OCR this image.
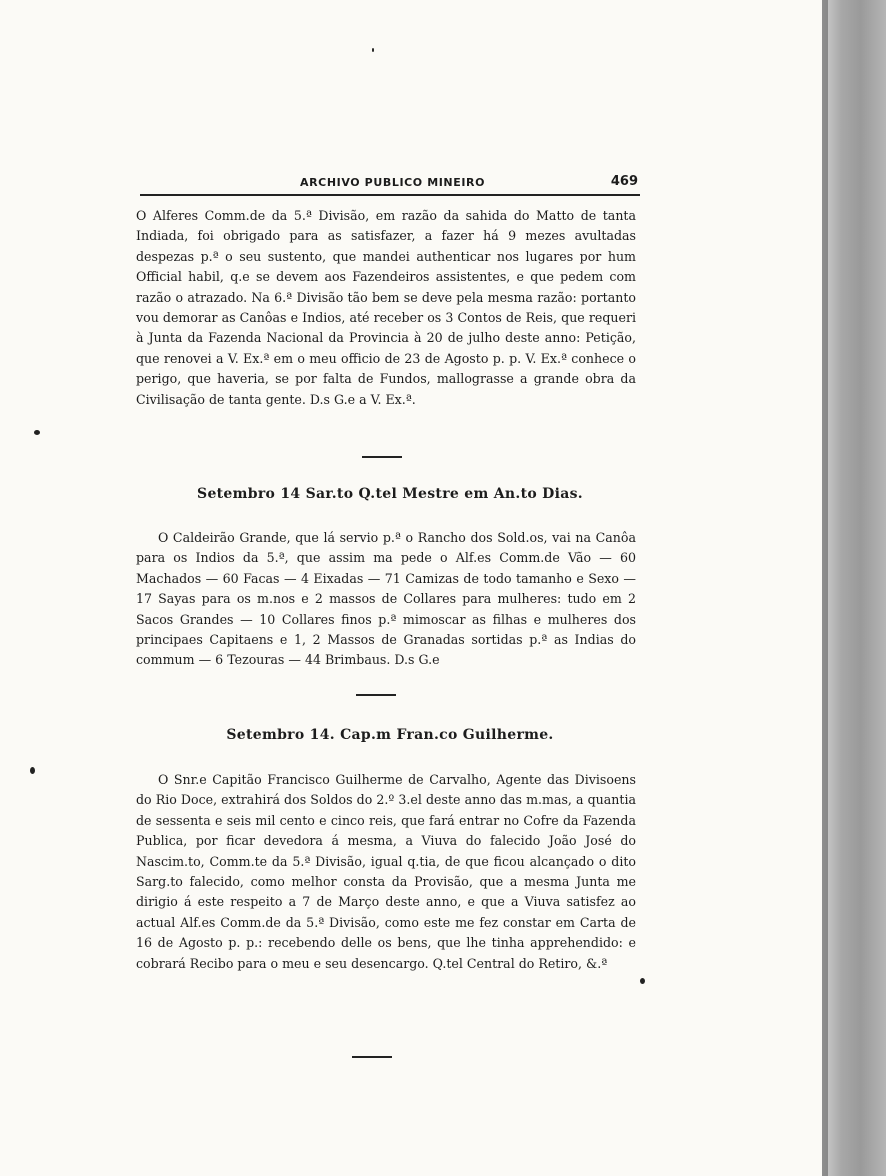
ARCHIVO PUBLICO MINEIRO	469

O Alferes Comm.de da 5.ª Divisão, em razão da sahida do Matto de tanta Indiada, foi obrigado para as satisfazer, a fazer há 9 mezes avultadas despezas p.ª o seu sustento, que mandei authenticar nos lugares por hum Official habil, q.e se devem aos Fazendeiros assistentes, e que pedem com razão o atrazado. Na 6.ª Divisão tão bem se deve pela mesma razão: portanto vou demorar as Canôas e Indios, até receber os 3 Contos de Reis, que requeri à Junta da Fazenda Nacional da Provincia à 20 de julho deste anno: Petição, que renovei a V. Ex.ª em o meu officio de 23 de Agosto p. p. V. Ex.ª conhece o perigo, que haveria, se por falta de Fundos, mallograsse a grande obra da Civilisação de tanta gente. D.s G.e a V. Ex.ª.

Setembro 14 Sar.to Q.tel Mestre em An.to Dias.

O Caldeirão Grande, que lá servio p.ª o Rancho dos Sold.os, vai na Canôa para os Indios da 5.ª, que assim ma pede o Alf.es Comm.de Vão — 60 Machados — 60 Facas — 4 Eixadas — 71 Camizas de todo tamanho e Sexo — 17 Sayas para os m.nos e 2 massos de Collares para mulheres: tudo em 2 Sacos Grandes — 10 Collares finos p.ª mimoscar as filhas e mulheres dos principaes Capitaens e 1, 2 Massos de Granadas sortidas p.ª as Indias do commum — 6 Tezouras — 44 Brimbaus. D.s G.e

Setembro 14. Cap.m Fran.co Guilherme.

O Snr.e Capitão Francisco Guilherme de Carvalho, Agente das Divisoens do Rio Doce, extrahirá dos Soldos do 2.º 3.el deste anno das m.mas, a quantia de sessenta e seis mil cento e cinco reis, que fará entrar no Cofre da Fazenda Publica, por ficar devedora á mesma, a Viuva do falecido João José do Nascim.to, Comm.te da 5.ª Divisão, igual q.tia, de que ficou alcançado o dito Sarg.to falecido, como melhor consta da Provisão, que a mesma Junta me dirigio á este respeito a 7 de Março deste anno, e que a Viuva satisfez ao actual Alf.es Comm.de da 5.ª Divisão, como este me fez constar em Carta de 16 de Agosto p. p.: recebendo delle os bens, que lhe tinha apprehendido: e cobrará Recibo para o meu e seu desencargo. Q.tel Central do Retiro, &.ª
